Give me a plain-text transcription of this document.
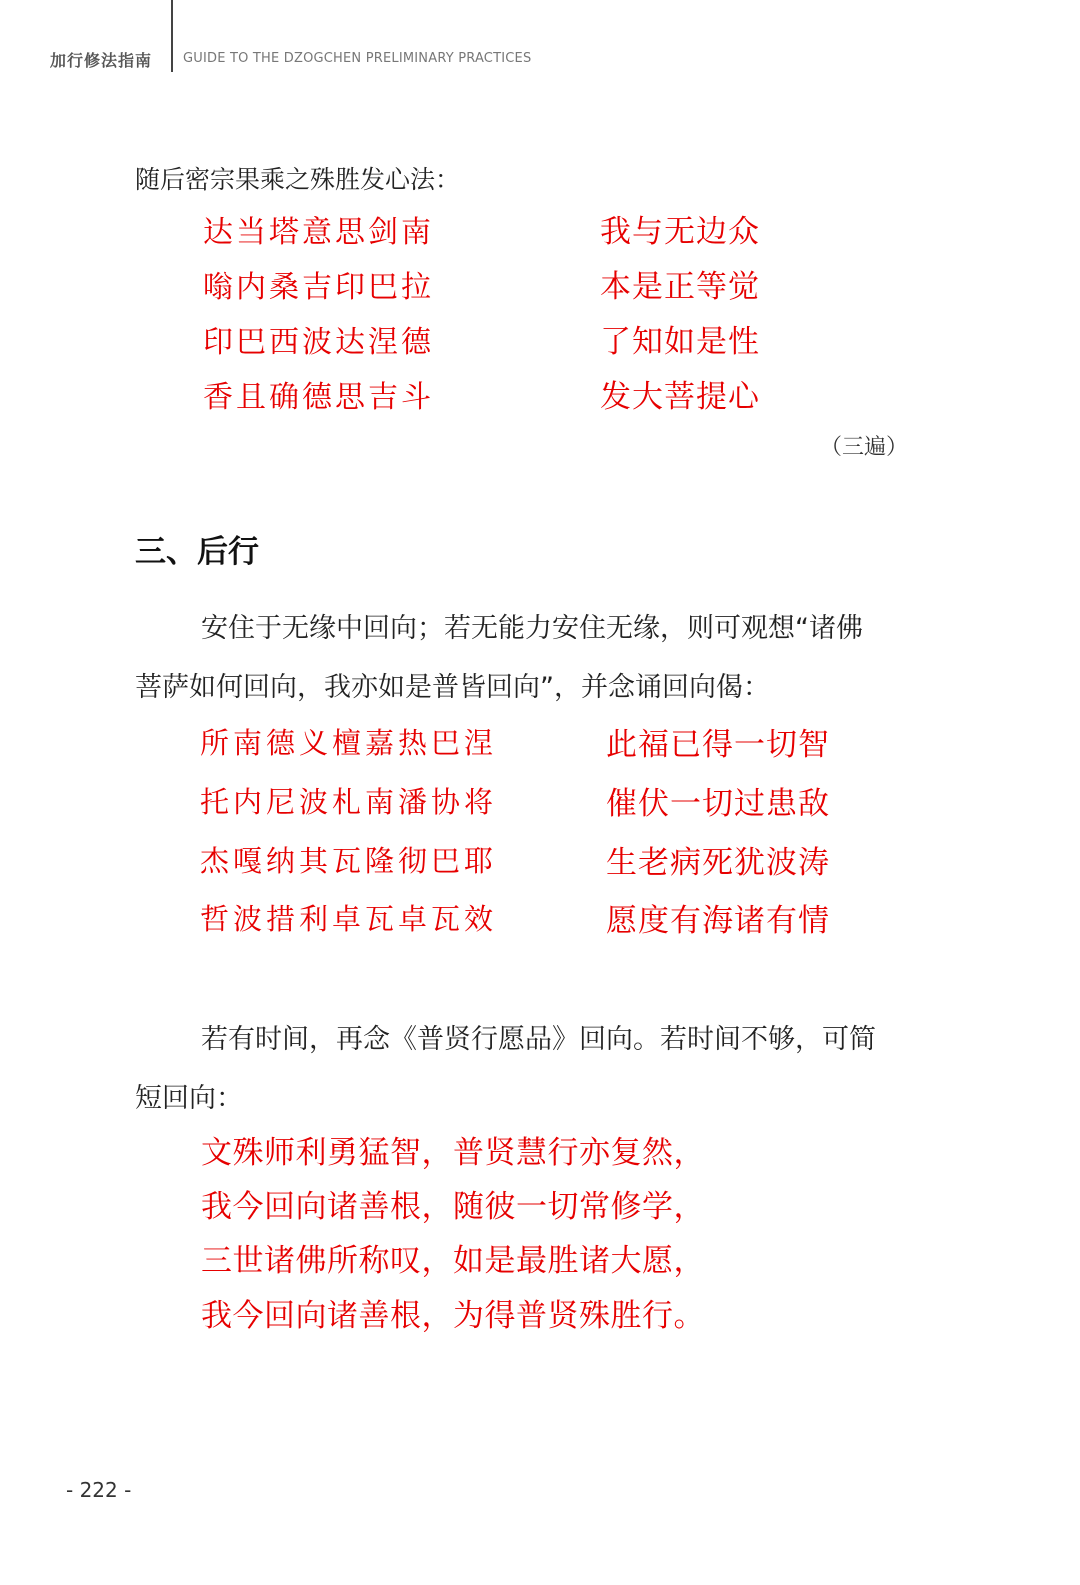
加行修法指南 GUIDE TO THE DZOGCHEN PRELIMINARY PRACTICES
随后密宗果乘之殊胜发心法：
达当塔意思剑南
嗡内桑吉印巴拉
印巴西波达涅德
香且确德思吉斗
我与无边众
本是正等觉
了知如是性
发大菩提心
（三遍）
三、后行
安住于无缘中回向；若无能力安住无缘，则可观想“诸佛
菩萨如何回向，我亦如是普皆回向”，并念诵回向偈：
所南德义檀嘉热巴涅
托内尼波札南潘协将
杰嘎纳其瓦隆彻巴耶
哲波措利卓瓦卓瓦效
此福已得一切智
催伏一切过患敌
生老病死犹波涛
愿度有海诸有情
若有时间，再念《普贤行愿品》回向。若时间不够，可简
短回向：
文殊师利勇猛智，普贤慧行亦复然，
我今回向诸善根，随彼一切常修学，
三世诸佛所称叹，如是最胜诸大愿，
我今回向诸善根，为得普贤殊胜行。
- 222 -
